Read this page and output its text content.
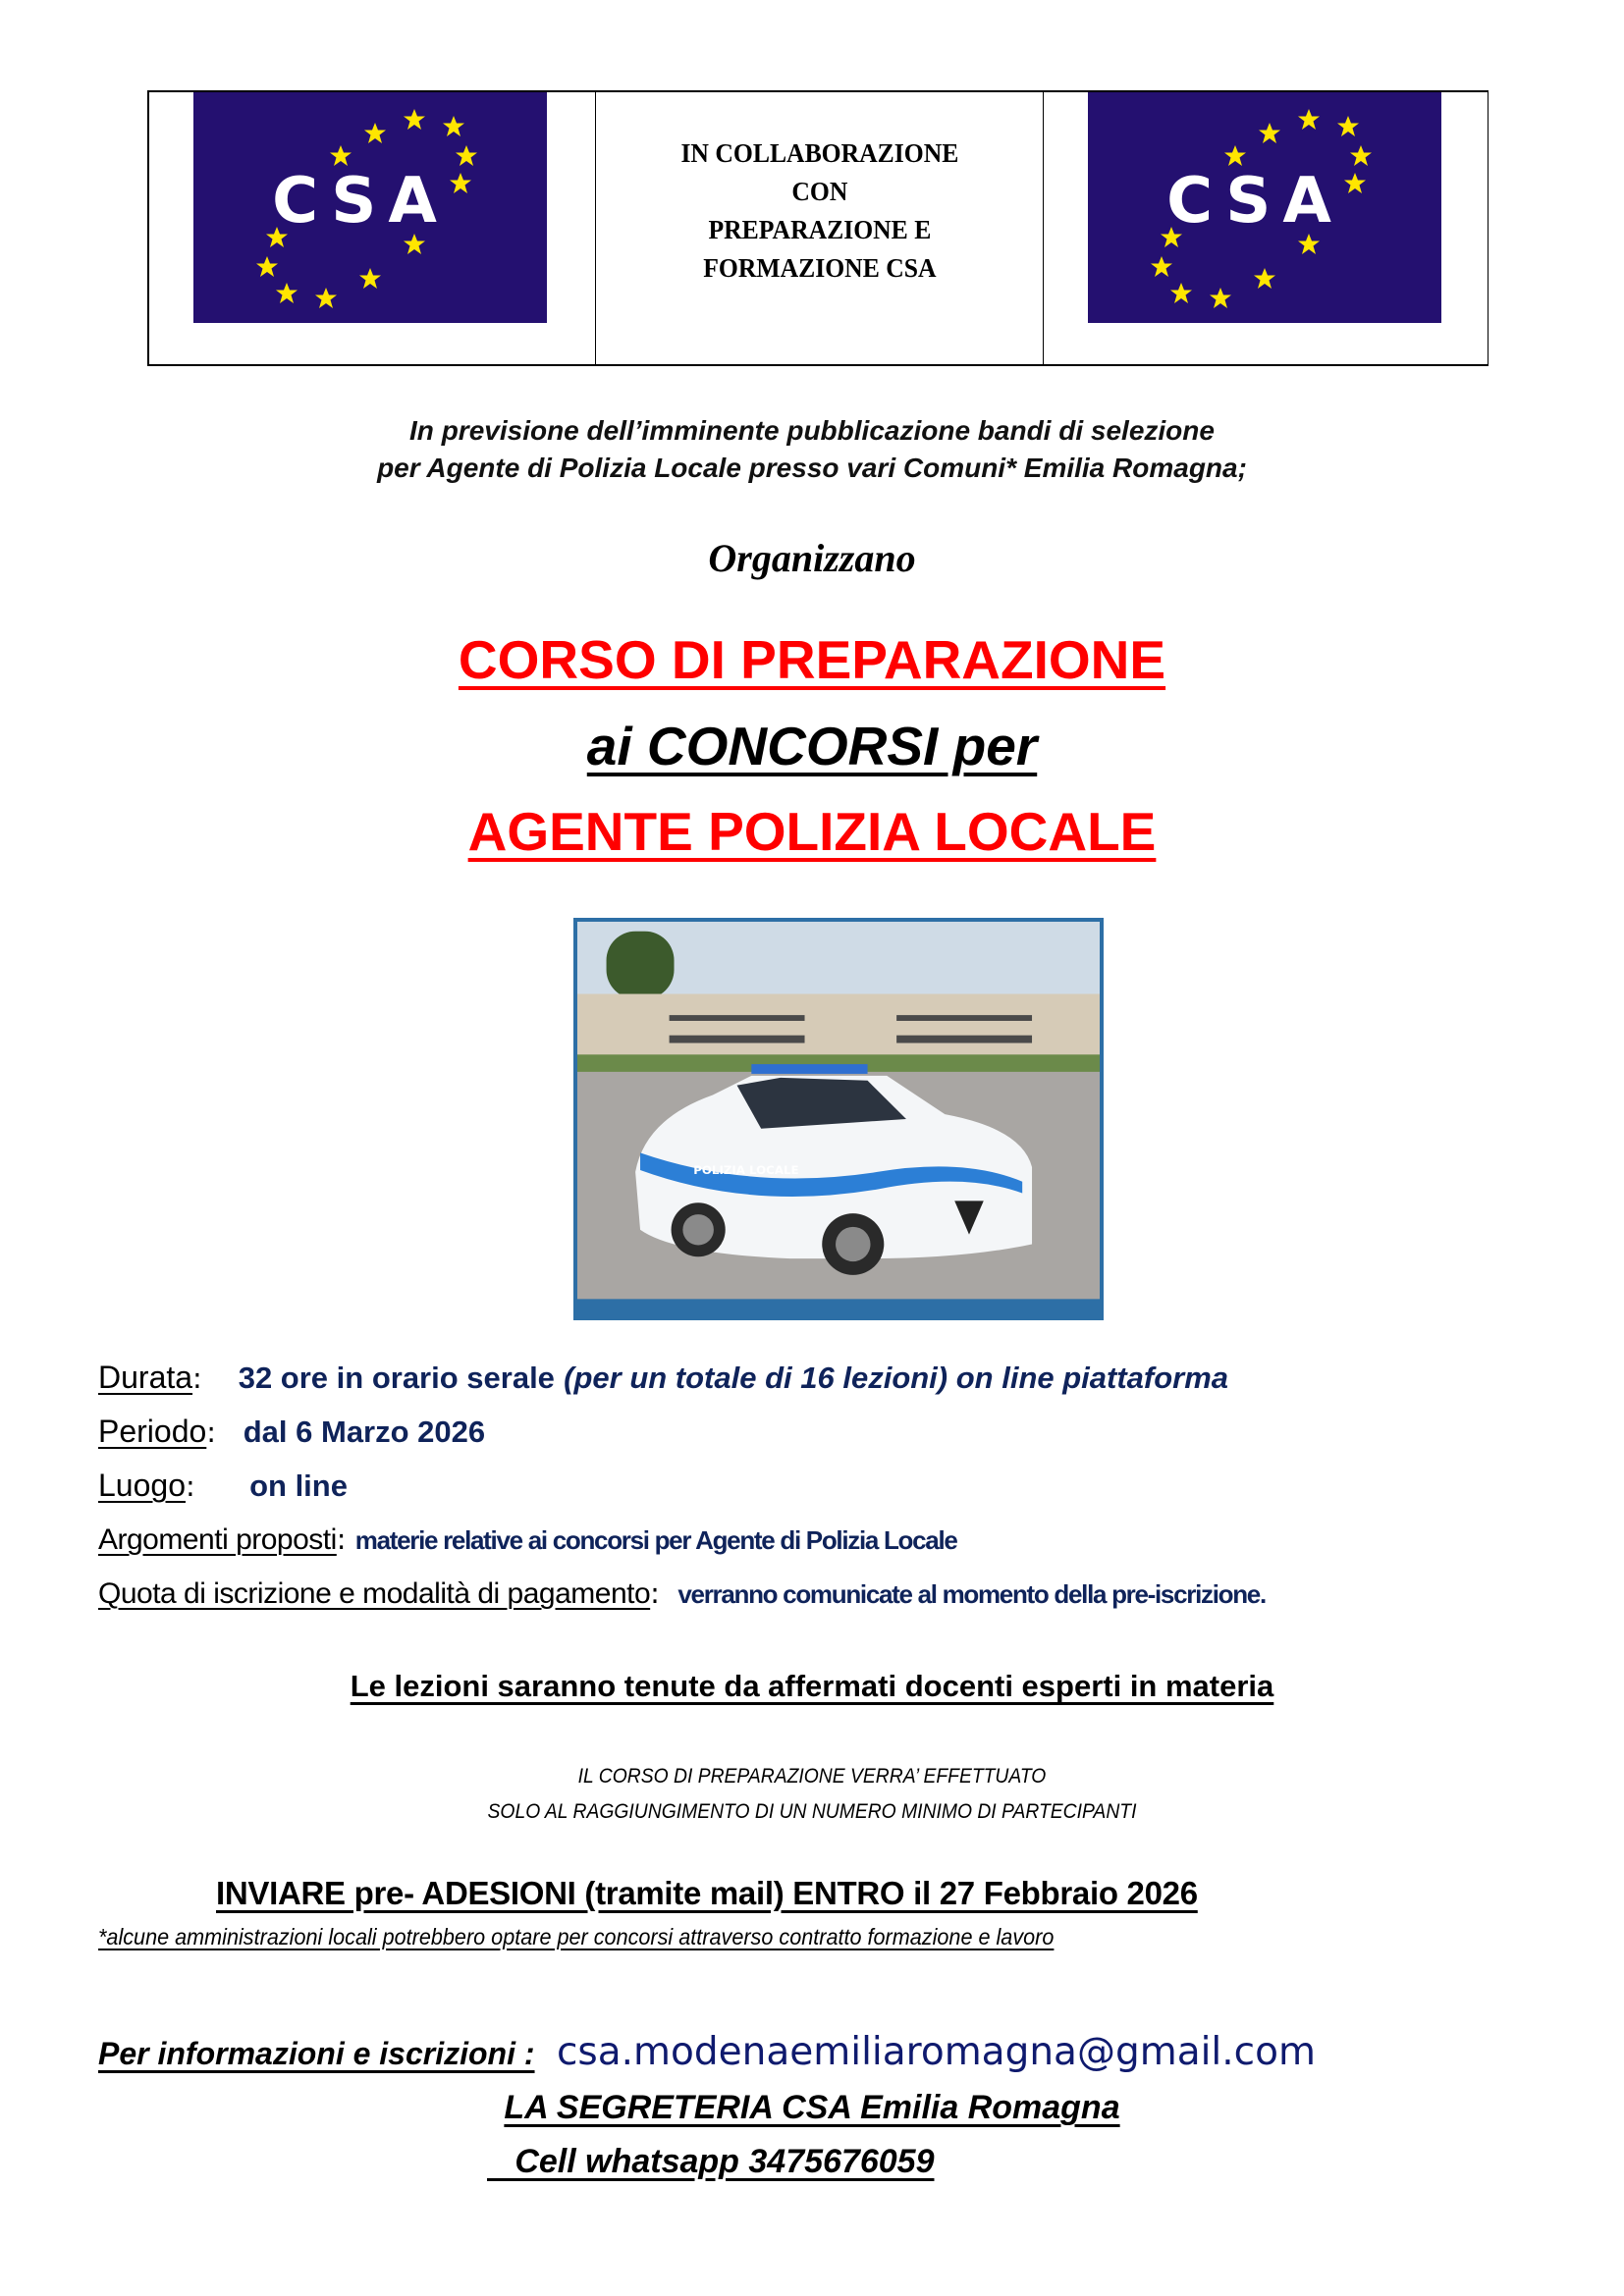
CSA
IN COLLABORAZIONE
CON
PREPARAZIONE E
FORMAZIONE CSA
CSA
In previsione dell’imminente pubblicazione bandi di selezione
per Agente di Polizia Locale presso vari Comuni* Emilia Romagna;
Organizzano
CORSO DI PREPARAZIONE
ai CONCORSI per
AGENTE POLIZIA LOCALE
POLIZIA LOCALE
Durata: 32 ore in orario serale (per un totale di 16 lezioni) on line piattaforma
Periodo: dal 6 Marzo 2026
Luogo: on line
Argomenti proposti: materie relative ai concorsi per Agente di Polizia Locale
Quota di iscrizione e modalità di pagamento: verranno comunicate al momento della pre-iscrizione.
Le lezioni saranno tenute da affermati docenti esperti in materia
IL CORSO DI PREPARAZIONE VERRA’ EFFETTUATO
SOLO AL RAGGIUNGIMENTO DI UN NUMERO MINIMO DI PARTECIPANTI
INVIARE pre- ADESIONI (tramite mail) ENTRO il 27 Febbraio 2026
*alcune amministrazioni locali potrebbero optare per concorsi attraverso contratto formazione e lavoro
Per informazioni e iscrizioni : csa.modenaemiliaromagna@gmail.com
LA SEGRETERIA CSA Emilia Romagna
Cell whatsapp 3475676059
